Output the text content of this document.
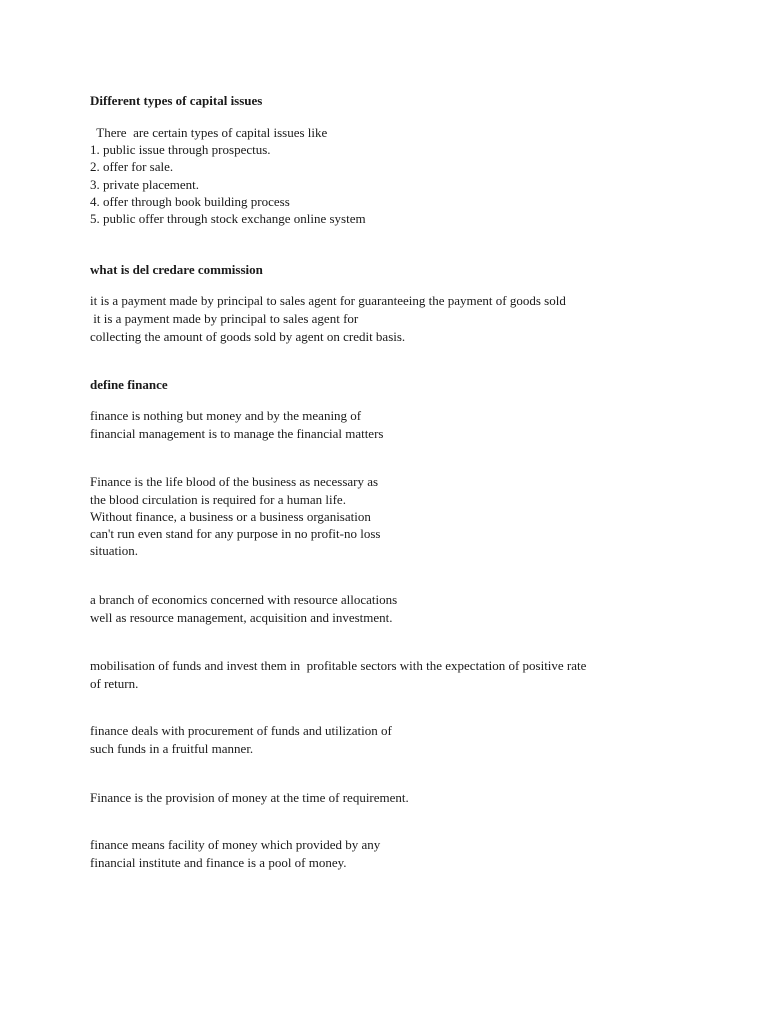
Different types of capital issues
There  are certain types of capital issues like
1. public issue through prospectus.
2. offer for sale.
3. private placement.
4. offer through book building process
5. public offer through stock exchange online system
what is del credare commission
it is a payment made by principal to sales agent for guaranteeing the payment of goods sold
it is a payment made by principal to sales agent for
collecting the amount of goods sold by agent on credit basis.
define finance
finance is nothing but money and by the meaning of
financial management is to manage the financial matters
Finance is the life blood of the business as necessary as
the blood circulation is required for a human life.
Without finance, a business or a business organisation
can't run even stand for any purpose in no profit-no loss
situation.
a branch of economics concerned with resource allocations
well as resource management, acquisition and investment.
mobilisation of funds and invest them in  profitable sectors with the expectation of positive rate
of return.
finance deals with procurement of funds and utilization of
such funds in a fruitful manner.
Finance is the provision of money at the time of requirement.
finance means facility of money which provided by any
financial institute and finance is a pool of money.
